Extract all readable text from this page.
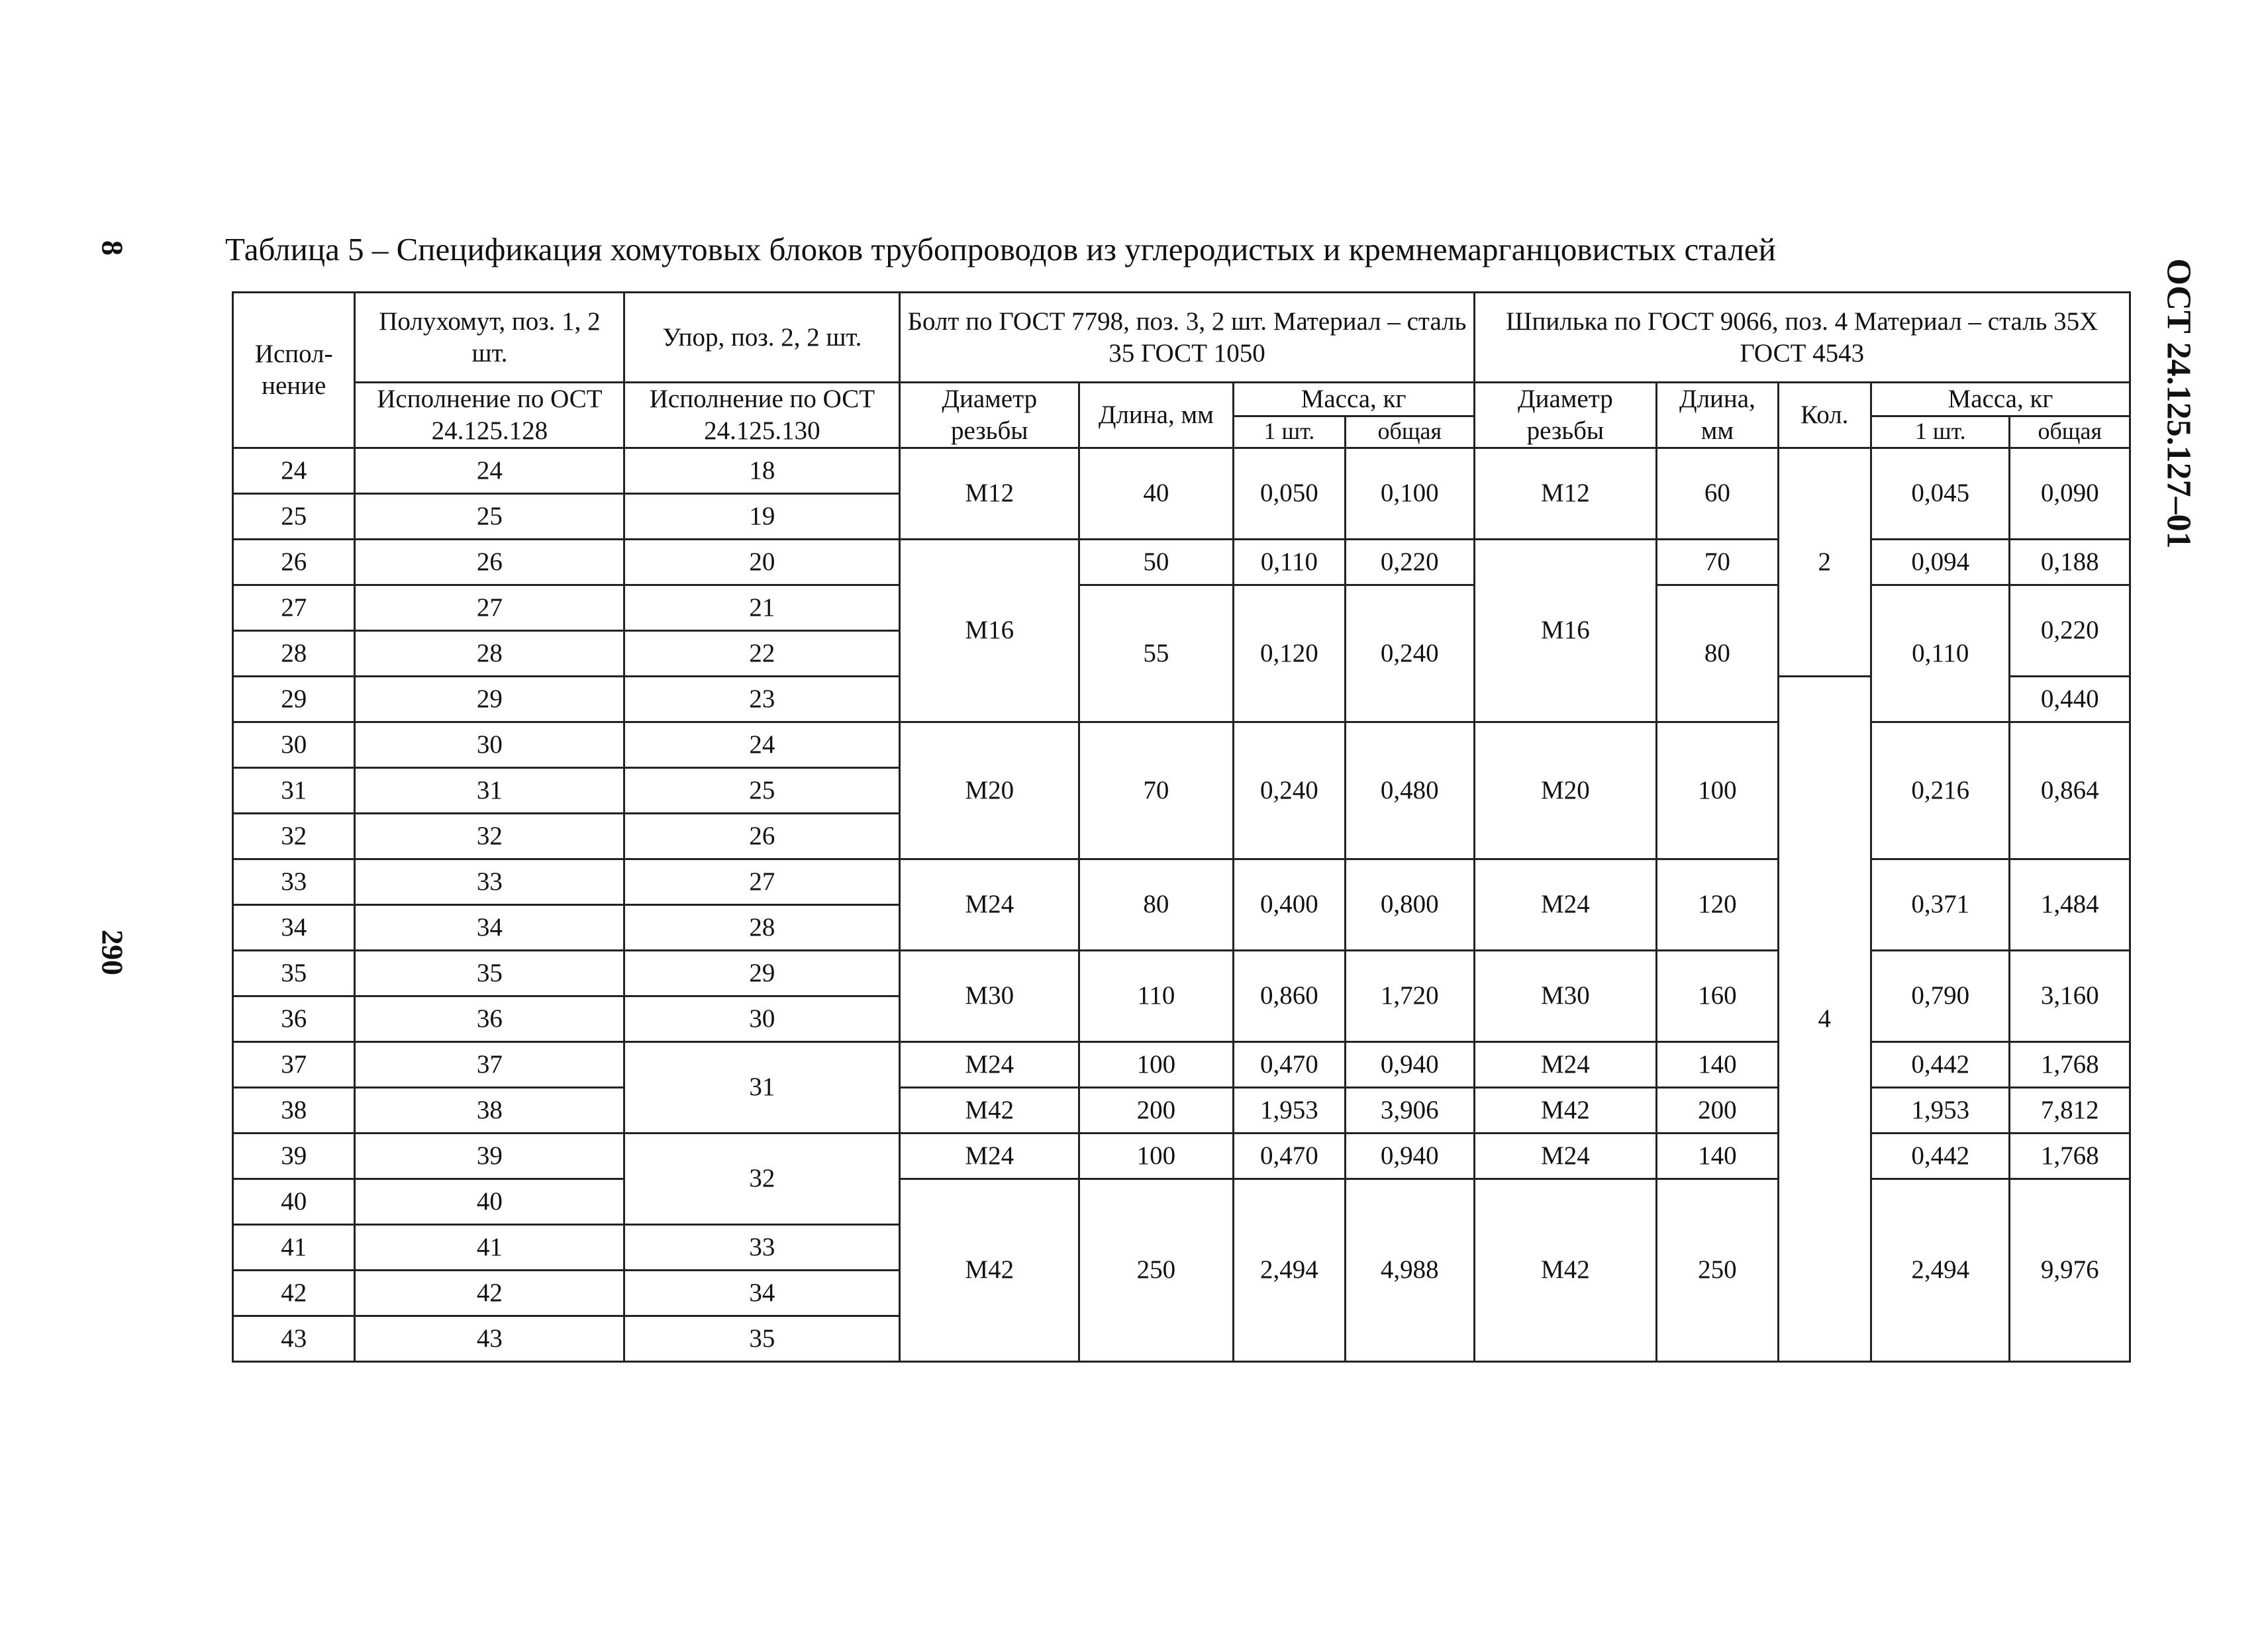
8
290
ОСТ 24.125.127–01
Таблица 5 – Спецификация хомутовых блоков трубопроводов из углеродистых и кремнемарганцовистых сталей
Испол-нение	Полухомут, поз. 1, 2 шт.	Упор, поз. 2, 2 шт.	Болт по ГОСТ 7798, поз. 3, 2 шт. Материал – сталь 35 ГОСТ 1050				Шпилька по ГОСТ 9066, поз. 4 Материал – сталь 35Х ГОСТ 4543				
	Исполнение по ОСТ 24.125.128	Исполнение по ОСТ 24.125.130	Диаметр резьбы	Длина, мм	Масса, кг		Диаметр резьбы	Длина, мм	Кол.	Масса, кг	
					1 шт.	общая				1 шт.	общая
24	24	18	М12	40	0,050	0,100	М12	60	2	0,045	0,090
25	25	19									
26	26	20	М16	50	0,110	0,220	М16	70		0,094	0,188
27	27	21		55	0,120	0,240		80		0,110	0,220
28	28	22									
29	29	23							4		0,440
30	30	24	М20	70	0,240	0,480	М20	100		0,216	0,864
31	31	25									
32	32	26									
33	33	27	М24	80	0,400	0,800	М24	120		0,371	1,484
34	34	28									
35	35	29	М30	110	0,860	1,720	М30	160		0,790	3,160
36	36	30									
37	37	31	М24	100	0,470	0,940	М24	140		0,442	1,768
38	38		М42	200	1,953	3,906	М42	200		1,953	7,812
39	39	32	М24	100	0,470	0,940	М24	140		0,442	1,768
40	40		М42	250	2,494	4,988	М42	250		2,494	9,976
41	41	33									
42	42	34									
43	43	35									
